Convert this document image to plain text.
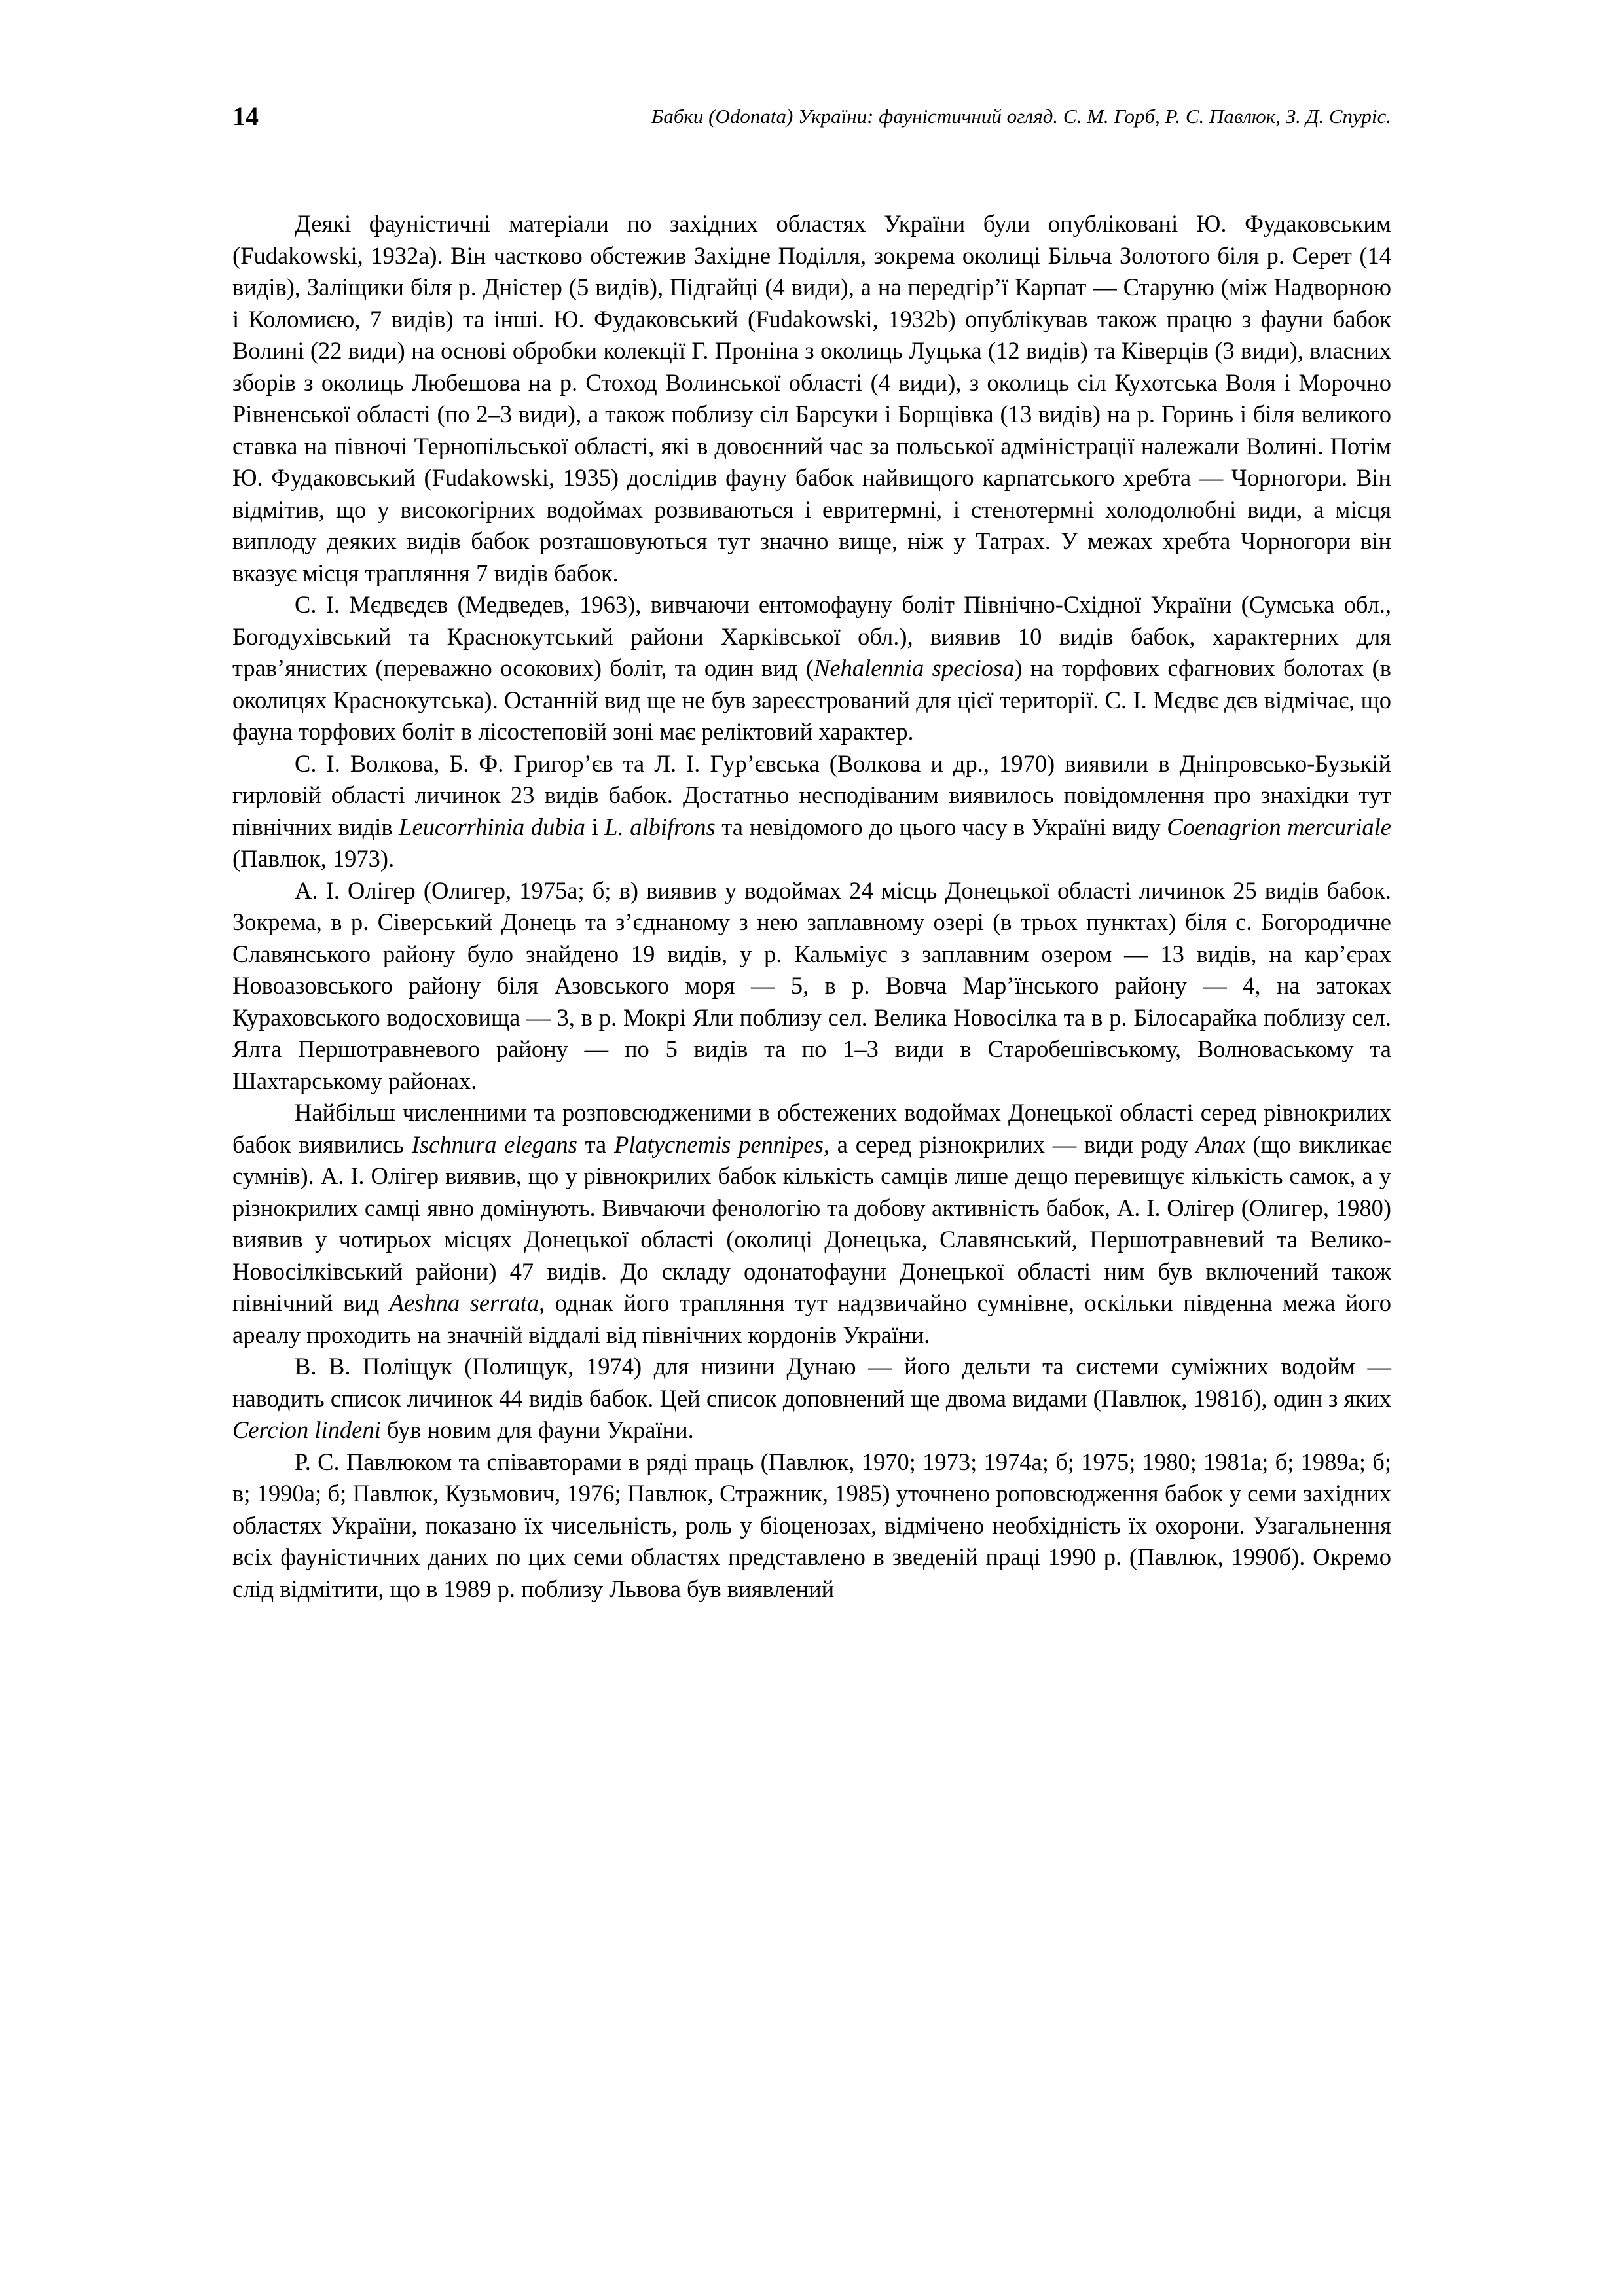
14	Бабки (Odonata) України: фауністичний огляд. С. М. Горб, Р. С. Павлюк, З. Д. Спуріс.

Деякі фауністичні матеріали по західних областях України були опубліковані Ю. Фудаковським (Fudakowski, 1932a). Він частково обстежив Західне Поділля, зокрема околиці Більча Золотого біля р. Серет (14 видів), Заліщики біля р. Дністер (5 видів), Підгайці (4 види), а на передгір’ї Карпат — Старуню (між Надворною і Коломиєю, 7 видів) та інші. Ю. Фудаковський (Fudakowski, 1932b) опублікував також працю з фауни бабок Волині (22 види) на основі обробки колекції Г. Проніна з околиць Луцька (12 видів) та Ківерців (3 види), власних зборів з околиць Любешова на р. Стоход Волинської області (4 види), з околиць сіл Кухотська Воля і Морочно Рівненської області (по 2–3 види), а також поблизу сіл Барсуки і Борщівка (13 видів) на р. Горинь і біля великого ставка на півночі Тернопільської області, які в довоєнний час за польської адміністрації належали Волині. Потім Ю. Фудаковський (Fudakowski, 1935) дослідив фауну бабок найвищого карпатського хребта — Чорногори. Він відмітив, що у високогірних водоймах розвиваються і евритермні, і стенотермні холодолюбні види, а місця виплоду деяких видів бабок розташовуються тут значно вище, ніж у Татрах. У межах хребта Чорногори він вказує місця трапляння 7 видів бабок.

С. І. Мєдвєдєв (Медведев, 1963), вивчаючи ентомофауну боліт Північно-Східної України (Сумська обл., Богодухівський та Краснокутський райони Харківської обл.), виявив 10 видів бабок, характерних для трав’янистих (переважно осокових) боліт, та один вид (Nehalennia speciosa) на торфових сфагнових болотах (в околицях Краснокутська). Останній вид ще не був зареєстрований для цієї території. С. І. Мєдвє дєв відмічає, що фауна торфових боліт в лісостеповій зоні має реліктовий характер.

С. І. Волкова, Б. Ф. Григор’єв та Л. І. Гур’євська (Волкова и др., 1970) виявили в Дніпровсько-Бузькій гирловій області личинок 23 видів бабок. Достатньо несподіваним виявилось повідомлення про знахідки тут північних видів Leucorrhinia dubia і L. albifrons та невідомого до цього часу в Україні виду Coenagrion mercuriale (Павлюк, 1973).

А. І. Олігер (Олигер, 1975а; б; в) виявив у водоймах 24 місць Донецької області личинок 25 видів бабок. Зокрема, в р. Сіверський Донець та з’єднаному з нею заплавному озері (в трьох пунктах) біля с. Богородичне Славянського району було знайдено 19 видів, у р. Кальміус з заплавним озером — 13 видів, на кар’єрах Новоазовського району біля Азовського моря — 5, в р. Вовча Мар’їнського району — 4, на затоках Кураховського водосховища — 3, в р. Мокрі Яли поблизу сел. Велика Новосілка та в р. Білосарайка поблизу сел. Ялта Першотравневого району — по 5 видів та по 1–3 види в Старобешівському, Волноваському та Шахтарському районах.

Найбільш численними та розповсюдженими в обстежених водоймах Донецької області серед рівнокрилих бабок виявились Ischnura elegans та Platycnemis pennipes, а серед різнокрилих — види роду Anax (що викликає сумнів). А. І. Олігер виявив, що у рівнокрилих бабок кількість самців лише дещо перевищує кількість самок, а у різнокрилих самці явно домінують. Вивчаючи фенологію та добову активність бабок, А. І. Олігер (Олигер, 1980) виявив у чотирьох місцях Донецької області (околиці Донецька, Славянський, Першотравневий та Велико-Новосілківський райони) 47 видів. До складу одонатофауни Донецької області ним був включений також північний вид Aeshna serrata, однак його трапляння тут надзвичайно сумнівне, оскільки південна межа його ареалу проходить на значній віддалі від північних кордонів України.

В. В. Поліщук (Полищук, 1974) для низини Дунаю — його дельти та системи суміжних водойм — наводить список личинок 44 видів бабок. Цей список доповнений ще двома видами (Павлюк, 1981б), один з яких Cercion lindeni був новим для фауни України.

Р. С. Павлюком та співавторами в ряді праць (Павлюк, 1970; 1973; 1974а; б; 1975; 1980; 1981а; б; 1989а; б; в; 1990а; б; Павлюк, Кузьмович, 1976; Павлюк, Стражник, 1985) уточнено роповсюдження бабок у семи західних областях України, показано їх чисельність, роль у біоценозах, відмічено необхідність їх охорони. Узагальнення всіх фауністичних даних по цих семи областях представлено в зведеній праці 1990 р. (Павлюк, 1990б). Окремо слід відмітити, що в 1989 р. поблизу Львова був виявлений
